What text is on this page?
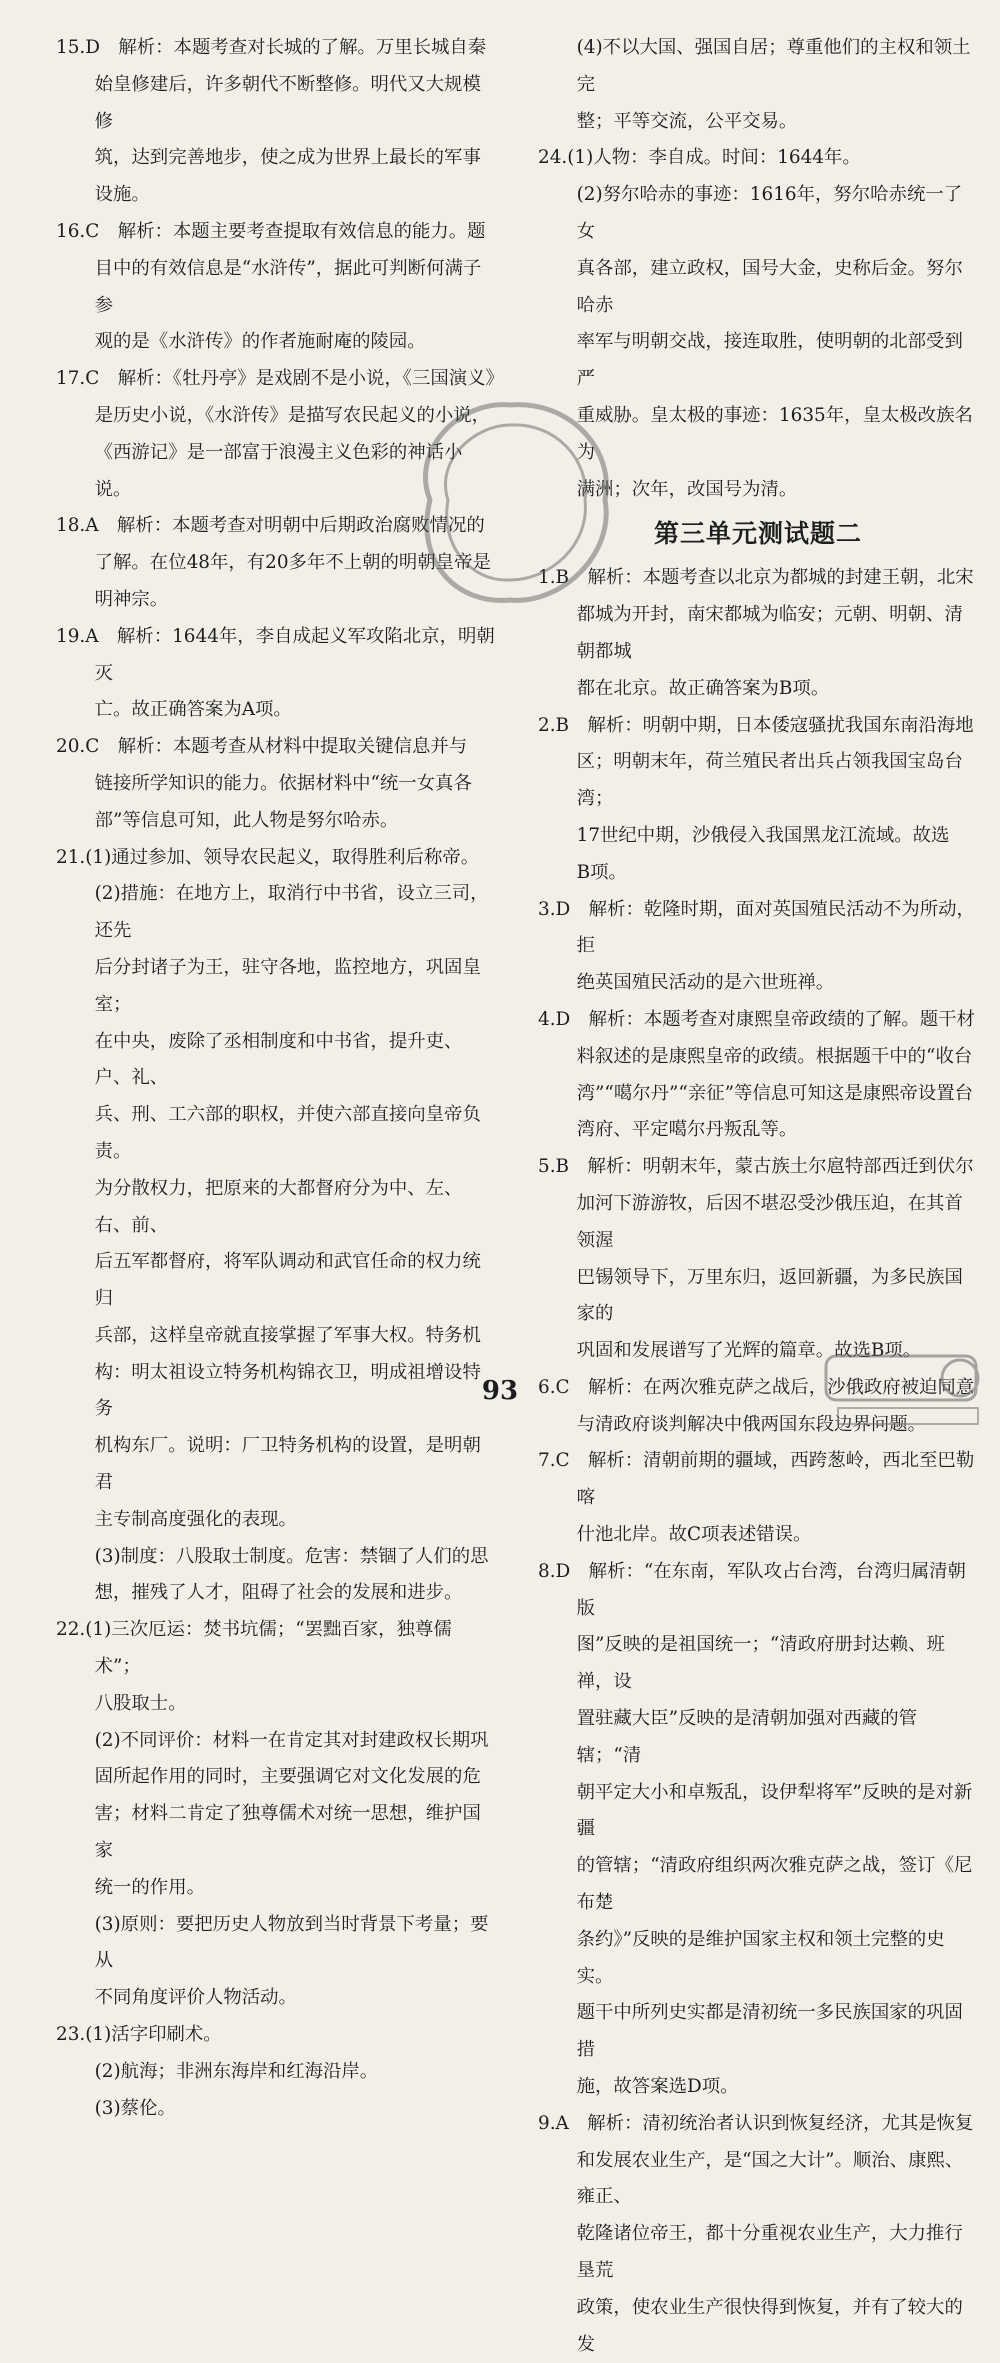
15.D　解析：本题考查对长城的了解。万里长城自秦
始皇修建后，许多朝代不断整修。明代又大规模修
筑，达到完善地步，使之成为世界上最长的军事
设施。
16.C　解析：本题主要考查提取有效信息的能力。题
目中的有效信息是“水浒传”，据此可判断何满子参
观的是《水浒传》的作者施耐庵的陵园。
17.C　解析：《牡丹亭》是戏剧不是小说，《三国演义》
是历史小说，《水浒传》是描写农民起义的小说，
《西游记》是一部富于浪漫主义色彩的神话小说。
18.A　解析：本题考查对明朝中后期政治腐败情况的
了解。在位48年，有20多年不上朝的明朝皇帝是
明神宗。
19.A　解析：1644年，李自成起义军攻陷北京，明朝灭
亡。故正确答案为A项。
20.C　解析：本题考查从材料中提取关键信息并与
链接所学知识的能力。依据材料中“统一女真各
部”等信息可知，此人物是努尔哈赤。
21.(1)通过参加、领导农民起义，取得胜利后称帝。
(2)措施：在地方上，取消行中书省，设立三司，还先
后分封诸子为王，驻守各地，监控地方，巩固皇室；
在中央，废除了丞相制度和中书省，提升吏、户、礼、
兵、刑、工六部的职权，并使六部直接向皇帝负责。
为分散权力，把原来的大都督府分为中、左、右、前、
后五军都督府，将军队调动和武官任命的权力统归
兵部，这样皇帝就直接掌握了军事大权。特务机
构：明太祖设立特务机构锦衣卫，明成祖增设特务
机构东厂。说明：厂卫特务机构的设置，是明朝君
主专制高度强化的表现。
(3)制度：八股取士制度。危害：禁锢了人们的思
想，摧残了人才，阻碍了社会的发展和进步。
22.(1)三次厄运：焚书坑儒；“罢黜百家，独尊儒术”；
八股取士。
(2)不同评价：材料一在肯定其对封建政权长期巩
固所起作用的同时，主要强调它对文化发展的危
害；材料二肯定了独尊儒术对统一思想，维护国家
统一的作用。
(3)原则：要把历史人物放到当时背景下考量；要从
不同角度评价人物活动。
23.(1)活字印刷术。
(2)航海；非洲东海岸和红海沿岸。
(3)蔡伦。
(4)不以大国、强国自居；尊重他们的主权和领土完
整；平等交流，公平交易。
24.(1)人物：李自成。时间：1644年。
(2)努尔哈赤的事迹：1616年，努尔哈赤统一了女
真各部，建立政权，国号大金，史称后金。努尔哈赤
率军与明朝交战，接连取胜，使明朝的北部受到严
重威胁。皇太极的事迹：1635年，皇太极改族名为
满洲；次年，改国号为清。
第三单元测试题二
1.B　解析：本题考查以北京为都城的封建王朝，北宋
都城为开封，南宋都城为临安；元朝、明朝、清朝都城
都在北京。故正确答案为B项。
2.B　解析：明朝中期，日本倭寇骚扰我国东南沿海地
区；明朝末年，荷兰殖民者出兵占领我国宝岛台湾；
17世纪中期，沙俄侵入我国黑龙江流域。故选
B项。
3.D　解析：乾隆时期，面对英国殖民活动不为所动，拒
绝英国殖民活动的是六世班禅。
4.D　解析：本题考查对康熙皇帝政绩的了解。题干材
料叙述的是康熙皇帝的政绩。根据题干中的“收台
湾”“噶尔丹”“亲征”等信息可知这是康熙帝设置台
湾府、平定噶尔丹叛乱等。
5.B　解析：明朝末年，蒙古族土尔扈特部西迁到伏尔
加河下游游牧，后因不堪忍受沙俄压迫，在其首领渥
巴锡领导下，万里东归，返回新疆，为多民族国家的
巩固和发展谱写了光辉的篇章。故选B项。
6.C　解析：在两次雅克萨之战后，沙俄政府被迫同意
与清政府谈判解决中俄两国东段边界问题。
7.C　解析：清朝前期的疆域，西跨葱岭，西北至巴勒喀
什池北岸。故C项表述错误。
8.D　解析：“在东南，军队攻占台湾，台湾归属清朝版
图”反映的是祖国统一；“清政府册封达赖、班禅，设
置驻藏大臣”反映的是清朝加强对西藏的管辖；“清
朝平定大小和卓叛乱，设伊犁将军”反映的是对新疆
的管辖；“清政府组织两次雅克萨之战，签订《尼布楚
条约》”反映的是维护国家主权和领土完整的史实。
题干中所列史实都是清初统一多民族国家的巩固措
施，故答案选D项。
9.A　解析：清初统治者认识到恢复经济，尤其是恢复
和发展农业生产，是“国之大计”。顺治、康熙、雍正、
乾隆诸位帝王，都十分重视农业生产，大力推行垦荒
政策，使农业生产很快得到恢复，并有了较大的发
93
